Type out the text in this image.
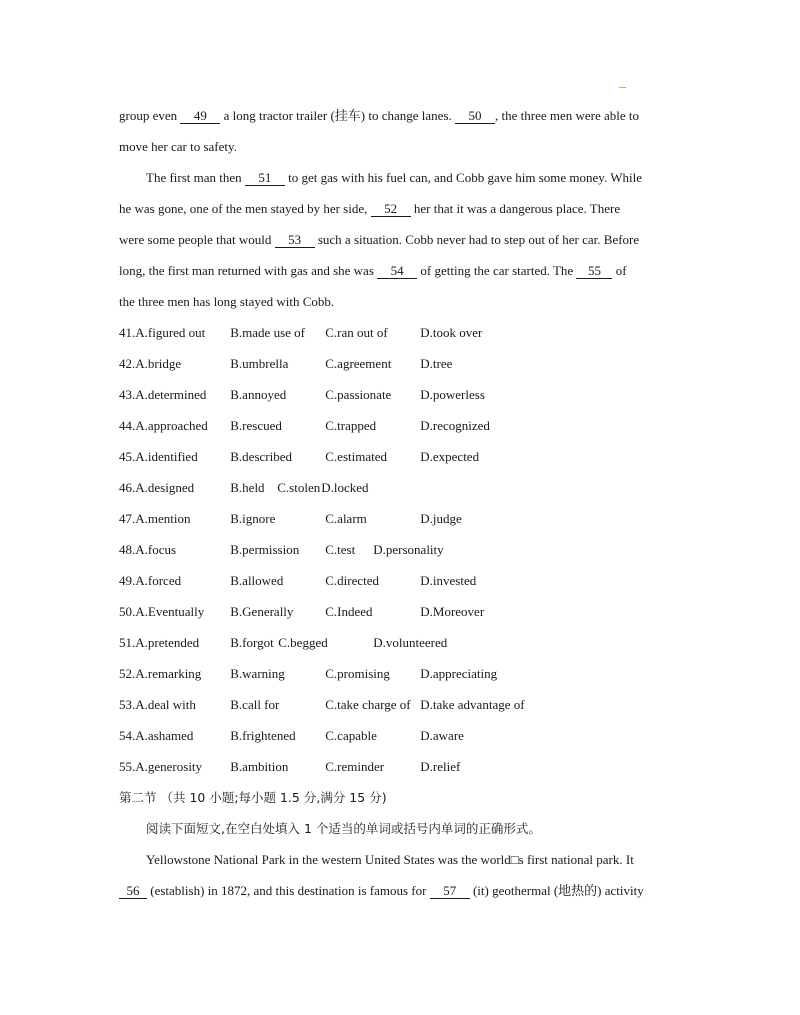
group even 49 a long tractor trailer (挂车) to change lanes. 50 , the three men were able to
move her car to safety.
The first man then 51 to get gas with his fuel can, and Cobb gave him some money. While
he was gone, one of the men stayed by her side, 52 her that it was a dangerous place. There
were some people that would 53 such a situation. Cobb never had to step out of her car. Before
long, the first man returned with gas and she was 54 of getting the car started. The 55 of
the three men has long stayed with Cobb.
41. A.figured out	B.made use of	C.ran out of	D.took over
42. A.bridge	B.umbrella	C.agreement	D.tree
43. A.determined	B.annoyed	C.passionate	D.powerless
44. A.approached	B.rescued	C.trapped	D.recognized
45. A.identified	B.described	C.estimated	D.expected
46. A.designed	B.held C.stolen D.locked
47. A.mention	B.ignore	C.alarm	D.judge
48. A.focus	B.permission	C.test	D.personality
49. A.forced	B.allowed	C.directed	D.invested
50. A.Eventually	B.Generally	C.Indeed	D.Moreover
51. A.pretended	B.forgot C.begged	D.volunteered
52. A.remarking	B.warning	C.promising	D.appreciating
53. A.deal with	B.call for	C.take charge of D.take advantage of
54. A.ashamed	B.frightened	C.capable	D.aware
55. A.generosity	B.ambition	C.reminder	D.relief
第二节 （共 10 小题;每小题 1.5 分,满分 15 分)
阅读下面短文,在空白处填入 1 个适当的单词或括号内单词的正确形式。
Yellowstone National Park in the western United States was the world□s first national park. It
56 (establish) in 1872, and this destination is famous for 57 (it) geothermal (地热的) activity
